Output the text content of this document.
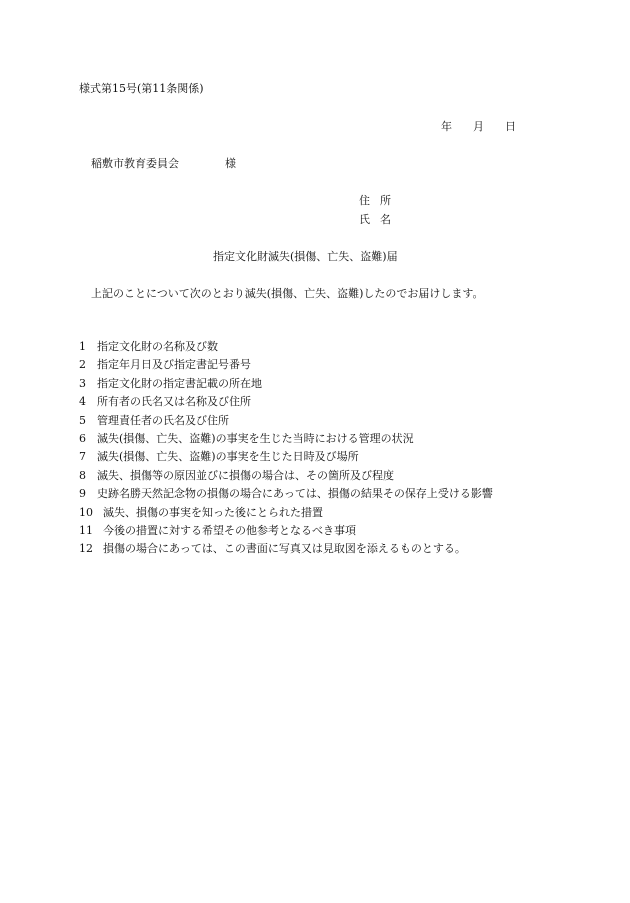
様式第15号(第11条関係)
年 月 日
稲敷市教育委員会	様
住 所
氏 名
指定文化財滅失(損傷、亡失、盗難)届
上記のことについて次のとおり滅失(損傷、亡失、盗難)したのでお届けします。
1 指定文化財の名称及び数
2 指定年月日及び指定書記号番号
3 指定文化財の指定書記載の所在地
4 所有者の氏名又は名称及び住所
5 管理責任者の氏名及び住所
6 滅失(損傷、亡失、盗難)の事実を生じた当時における管理の状況
7 滅失(損傷、亡失、盗難)の事実を生じた日時及び場所
8 滅失、損傷等の原因並びに損傷の場合は、その箇所及び程度
9 史跡名勝天然記念物の損傷の場合にあっては、損傷の結果その保存上受ける影響
10 滅失、損傷の事実を知った後にとられた措置
11 今後の措置に対する希望その他参考となるべき事項
12 損傷の場合にあっては、この書面に写真又は見取図を添えるものとする。
